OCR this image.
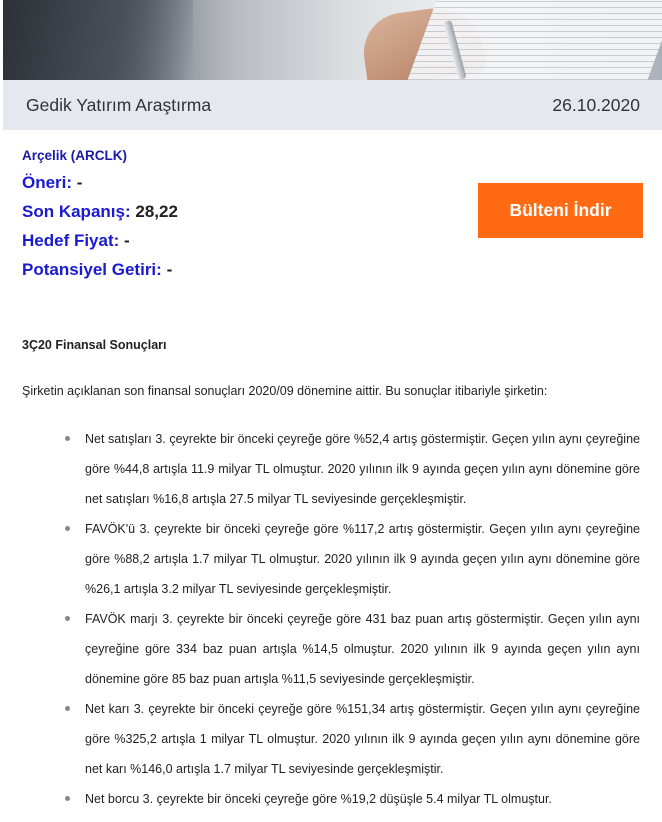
Gedik Yatırım Araştırma	26.10.2020
Arçelik (ARCLK)
Öneri: -
Son Kapanış: 28,22
Hedef Fiyat: -
Potansiyel Getiri: -
Bülteni İndir
3Ç20 Finansal Sonuçları
Şirketin açıklanan son finansal sonuçları 2020/09 dönemine aittir. Bu sonuçlar itibariyle şirketin:
Net satışları 3. çeyrekte bir önceki çeyreğe göre %52,4 artış göstermiştir. Geçen yılın aynı çeyreğine göre %44,8 artışla 11.9 milyar TL olmuştur. 2020 yılının ilk 9 ayında geçen yılın aynı dönemine göre net satışları %16,8 artışla 27.5 milyar TL seviyesinde gerçekleşmiştir.
FAVÖK'ü 3. çeyrekte bir önceki çeyreğe göre %117,2 artış göstermiştir. Geçen yılın aynı çeyreğine göre %88,2 artışla 1.7 milyar TL olmuştur. 2020 yılının ilk 9 ayında geçen yılın aynı dönemine göre %26,1 artışla 3.2 milyar TL seviyesinde gerçekleşmiştir.
FAVÖK marjı 3. çeyrekte bir önceki çeyreğe göre 431 baz puan artış göstermiştir. Geçen yılın aynı çeyreğine göre 334 baz puan artışla %14,5 olmuştur. 2020 yılının ilk 9 ayında geçen yılın aynı dönemine göre 85 baz puan artışla %11,5 seviyesinde gerçekleşmiştir.
Net karı 3. çeyrekte bir önceki çeyreğe göre %151,34 artış göstermiştir. Geçen yılın aynı çeyreğine göre %325,2 artışla 1 milyar TL olmuştur. 2020 yılının ilk 9 ayında geçen yılın aynı dönemine göre net karı %146,0 artışla 1.7 milyar TL seviyesinde gerçekleşmiştir.
Net borcu 3. çeyrekte bir önceki çeyreğe göre %19,2 düşüşle 5.4 milyar TL olmuştur.
